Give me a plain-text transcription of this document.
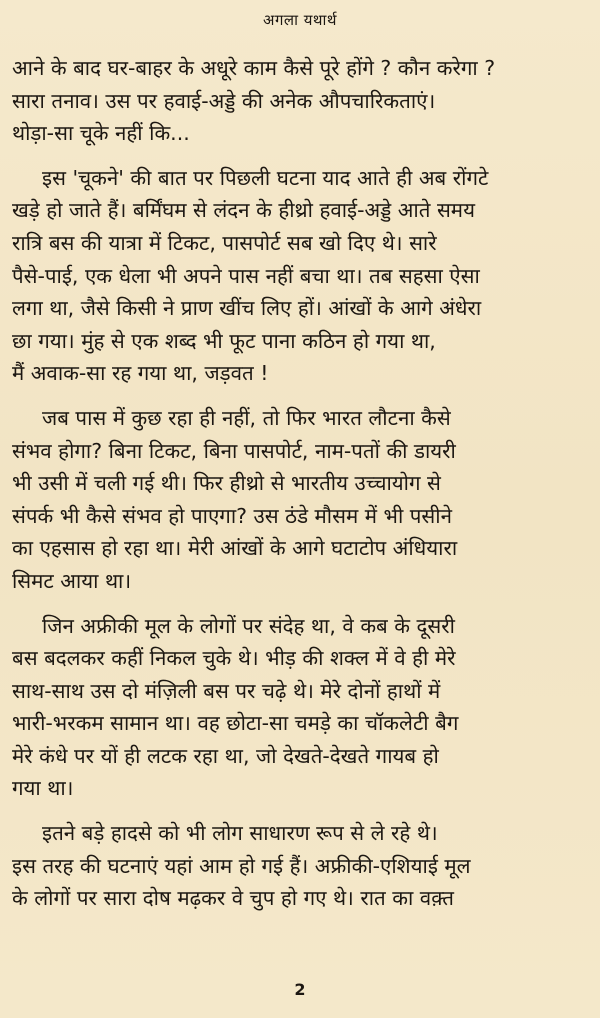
अगला यथार्थ

आने के बाद घर-बाहर के अधूरे काम कैसे पूरे होंगे ? कौन करेगा ?
सारा तनाव। उस पर हवाई-अड्डे की अनेक औपचारिकताएं।
थोड़ा-सा चूके नहीं कि...

इस 'चूकने' की बात पर पिछली घटना याद आते ही अब रोंगटे
खड़े हो जाते हैं। बर्मिंघम से लंदन के हीथ्रो हवाई-अड्डे आते समय
रात्रि बस की यात्रा में टिकट, पासपोर्ट सब खो दिए थे। सारे
पैसे-पाई, एक धेला भी अपने पास नहीं बचा था। तब सहसा ऐसा
लगा था, जैसे किसी ने प्राण खींच लिए हों। आंखों के आगे अंधेरा
छा गया। मुंह से एक शब्द भी फूट पाना कठिन हो गया था,
मैं अवाक-सा रह गया था, जड़वत !

जब पास में कुछ रहा ही नहीं, तो फिर भारत लौटना कैसे
संभव होगा? बिना टिकट, बिना पासपोर्ट, नाम-पतों की डायरी
भी उसी में चली गई थी। फिर हीथ्रो से भारतीय उच्चायोग से
संपर्क भी कैसे संभव हो पाएगा? उस ठंडे मौसम में भी पसीने
का एहसास हो रहा था। मेरी आंखों के आगे घटाटोप अंधियारा
सिमट आया था।

जिन अफ्रीकी मूल के लोगों पर संदेह था, वे कब के दूसरी
बस बदलकर कहीं निकल चुके थे। भीड़ की शक्ल में वे ही मेरे
साथ-साथ उस दो मंज़िली बस पर चढ़े थे। मेरे दोनों हाथों में
भारी-भरकम सामान था। वह छोटा-सा चमड़े का चॉकलेटी बैग
मेरे कंधे पर यों ही लटक रहा था, जो देखते-देखते गायब हो
गया था।

इतने बड़े हादसे को भी लोग साधारण रूप से ले रहे थे।
इस तरह की घटनाएं यहां आम हो गई हैं। अफ्रीकी-एशियाई मूल
के लोगों पर सारा दोष मढ़कर वे चुप हो गए थे। रात का वक़्त

2
